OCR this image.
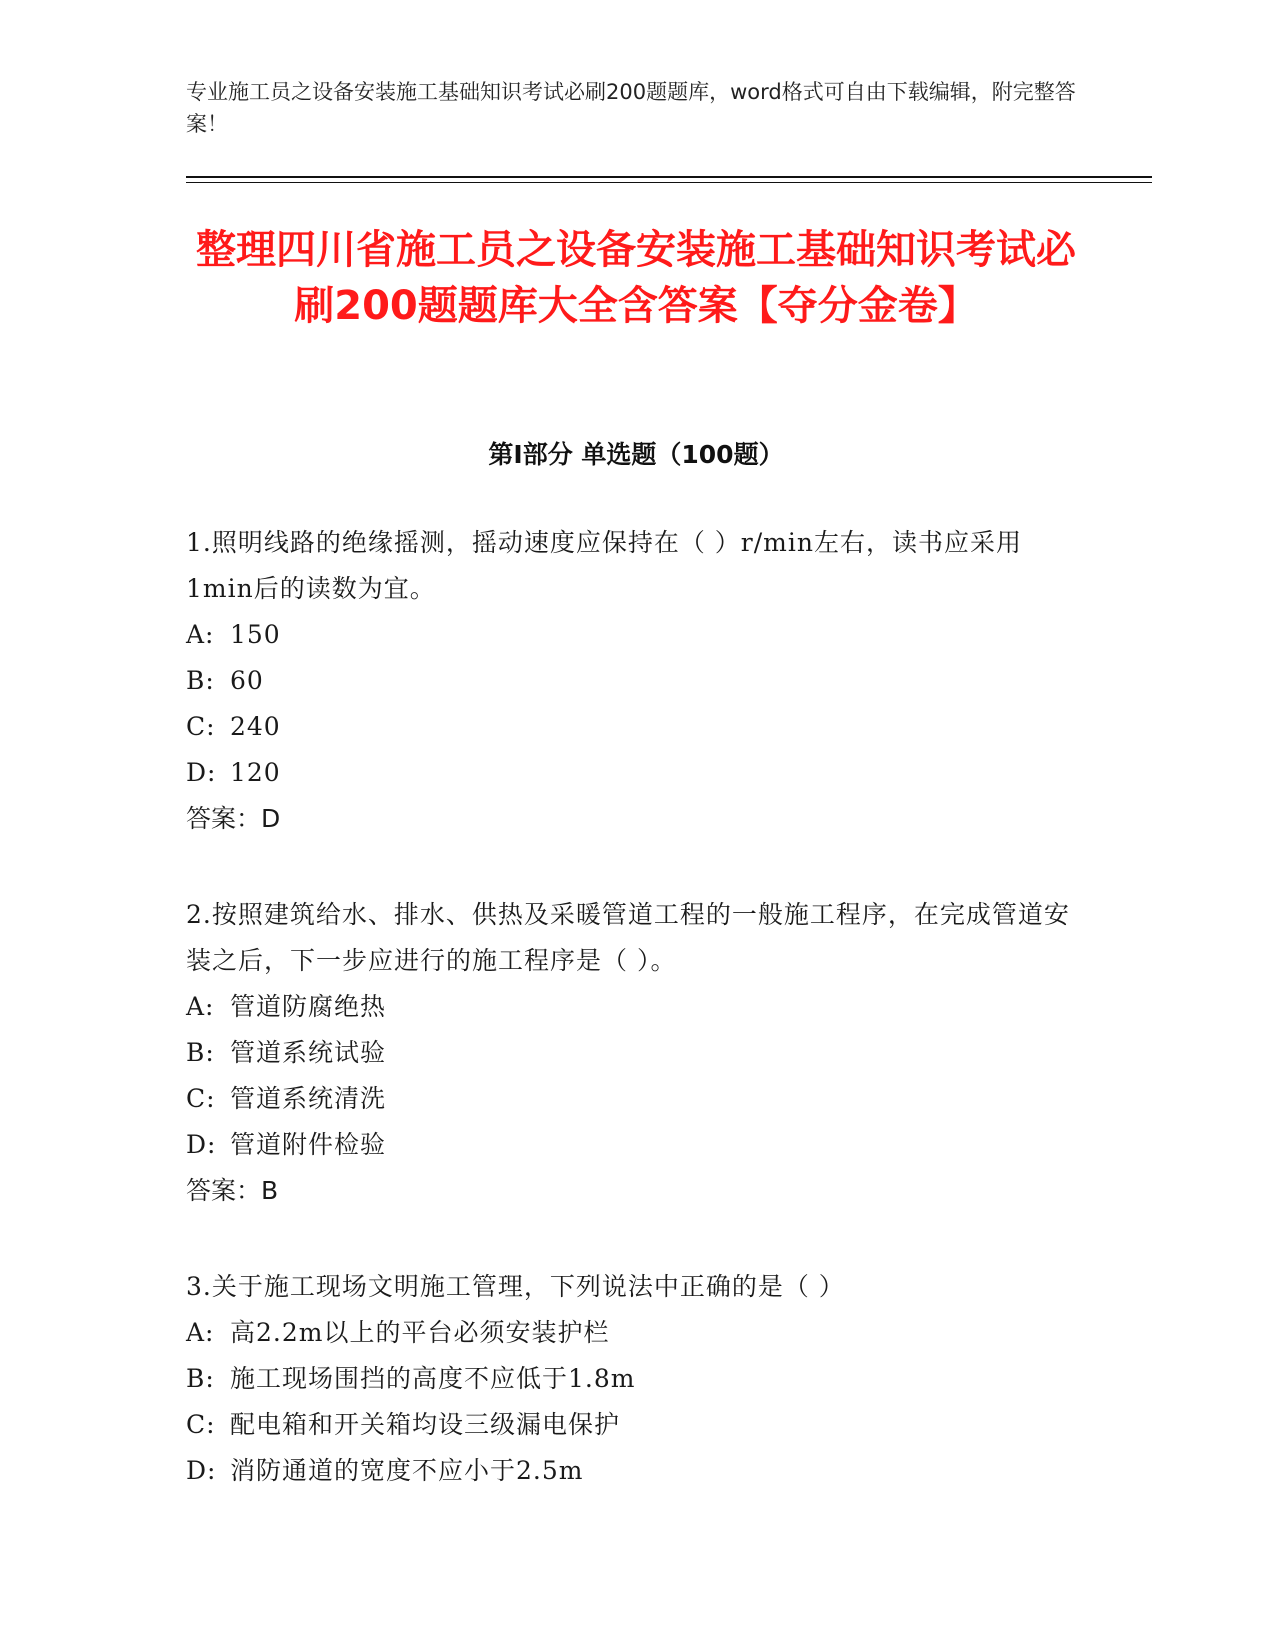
专业施工员之设备安装施工基础知识考试必刷200题题库，word格式可自由下载编辑，附完整答案！
整理四川省施工员之设备安装施工基础知识考试必刷200题题库大全含答案【夺分金卷】
第Ⅰ部分 单选题（100题）
1.照明线路的绝缘摇测，摇动速度应保持在（ ）r/min左右，读书应采用1min后的读数为宜。
A: 150
B: 60
C: 240
D: 120
答案：D
2.按照建筑给水、排水、供热及采暖管道工程的一般施工程序，在完成管道安装之后，下一步应进行的施工程序是（ ）。
A: 管道防腐绝热
B: 管道系统试验
C: 管道系统清洗
D: 管道附件检验
答案：B
3.关于施工现场文明施工管理，下列说法中正确的是（ ）
A: 高2.2m以上的平台必须安装护栏
B: 施工现场围挡的高度不应低于1.8m
C: 配电箱和开关箱均设三级漏电保护
D: 消防通道的宽度不应小于2.5m
